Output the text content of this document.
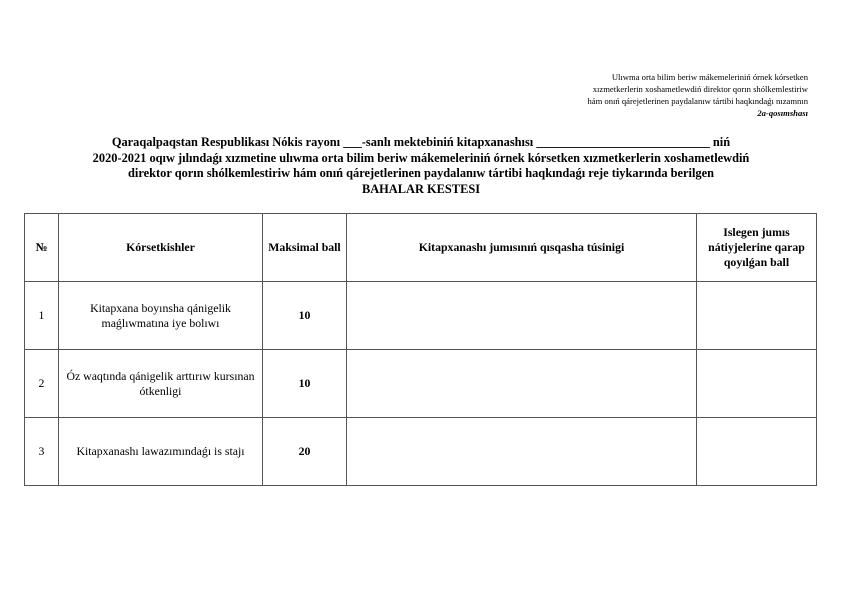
Ulıwma orta bilim beriw mákemeleriniń órnek kórsetken
xızmetkerlerin xoshametlewdiń direktor qorın shólkemlestiriw
hám onıń qárejetlerinen paydalanıw tártibi haqkındaǵı nızamnın
2a-qosımshası
Qaraqalpaqstan Respublikası Nókis rayonı ___-sanlı mektebiniń kitapxanashısı ____________________________ niń
2020-2021 oqıw jılındaǵı xızmetine ulıwma orta bilim beriw mákemeleriniń órnek kórsetken xızmetkerlerin xoshametlewdiń
direktor qorın shólkemlestiriw hám onıń qárejetlerinen paydalanıw tártibi haqkındaǵı reje tiykarında berilgen
BAHALAR KESTESI
№	Kórsetkishler	Maksimal ball	Kitapxanashı jumısınıń qısqasha túsinigi	Islegen jumıs nátiyjelerine qarap qoyılǵan ball
1	Kitapxana boyınsha qánigelik maǵlıwmatına iye bolıwı	10		
2	Óz waqtında qánigelik arttırıw kursınan ótkenligi	10		
3	Kitapxanashı lawazımındaǵı is stajı	20		
